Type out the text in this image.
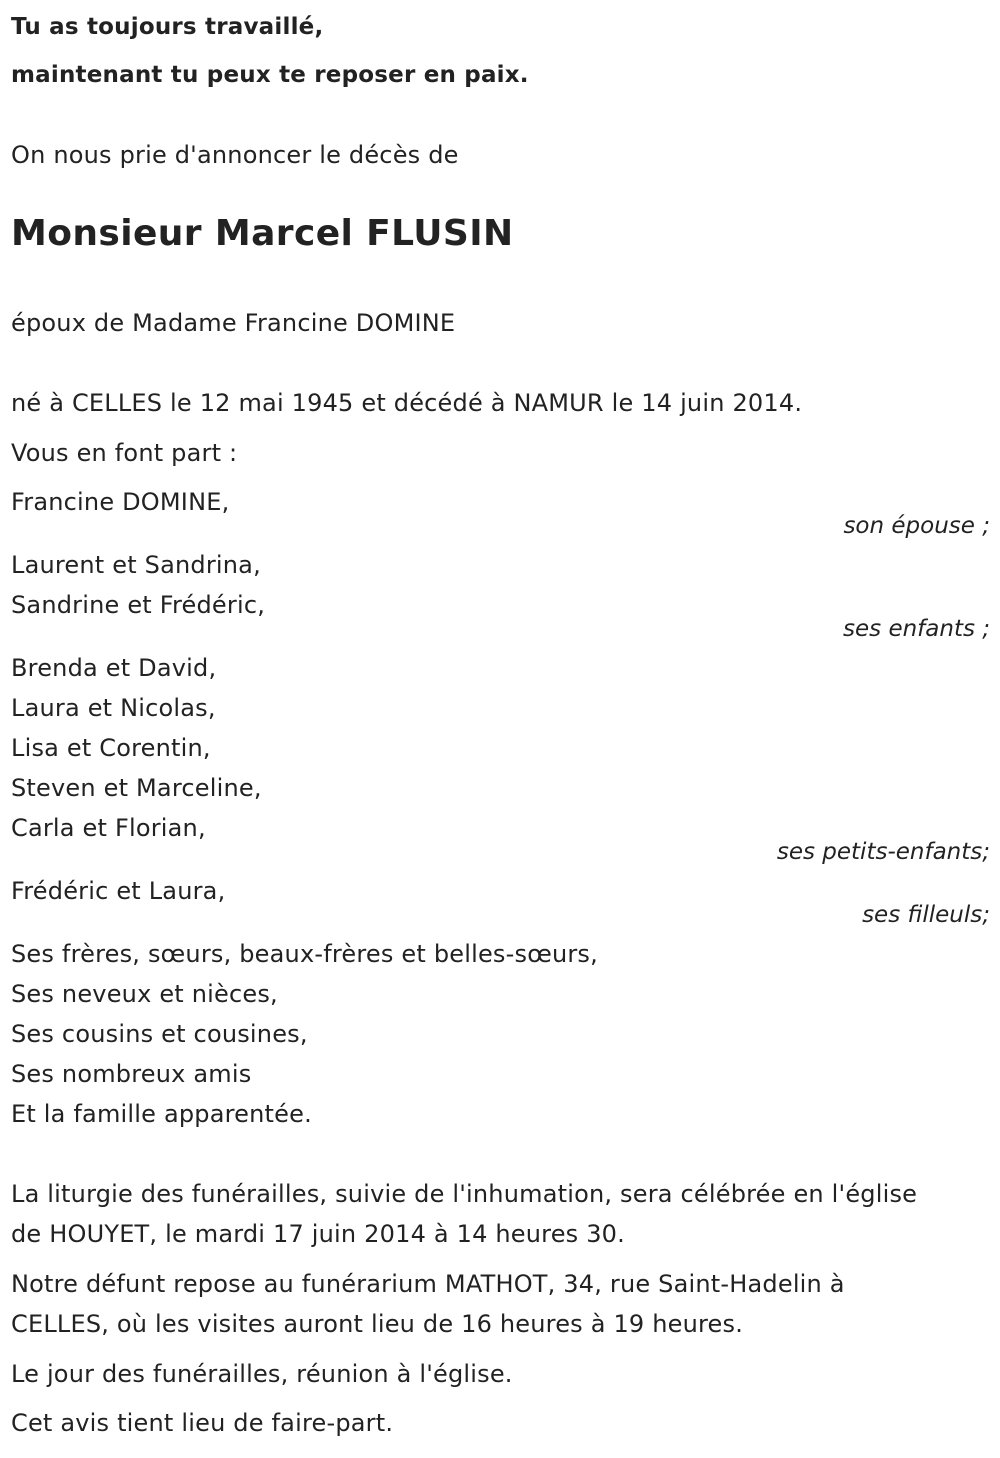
Tu as toujours travaillé,
maintenant tu peux te reposer en paix.
On nous prie d'annoncer le décès de
Monsieur Marcel FLUSIN
époux de Madame Francine DOMINE
né à CELLES le 12 mai 1945 et décédé à NAMUR le 14 juin 2014.
Vous en font part :
Francine DOMINE,
son épouse ;
Laurent et Sandrina,
Sandrine et Frédéric,
ses enfants ;
Brenda et David,
Laura et Nicolas,
Lisa et Corentin,
Steven et Marceline,
Carla et Florian,
ses petits-enfants;
Frédéric et Laura,
ses filleuls;
Ses frères, sœurs, beaux-frères et belles-sœurs,
Ses neveux et nièces,
Ses cousins et cousines,
Ses nombreux amis
Et la famille apparentée.
La liturgie des funérailles, suivie de l'inhumation, sera célébrée en l'église
de HOUYET, le mardi 17 juin 2014 à 14 heures 30.
Notre défunt repose au funérarium MATHOT, 34, rue Saint-Hadelin à
CELLES, où les visites auront lieu de 16 heures à 19 heures.
Le jour des funérailles, réunion à l'église.
Cet avis tient lieu de faire-part.
